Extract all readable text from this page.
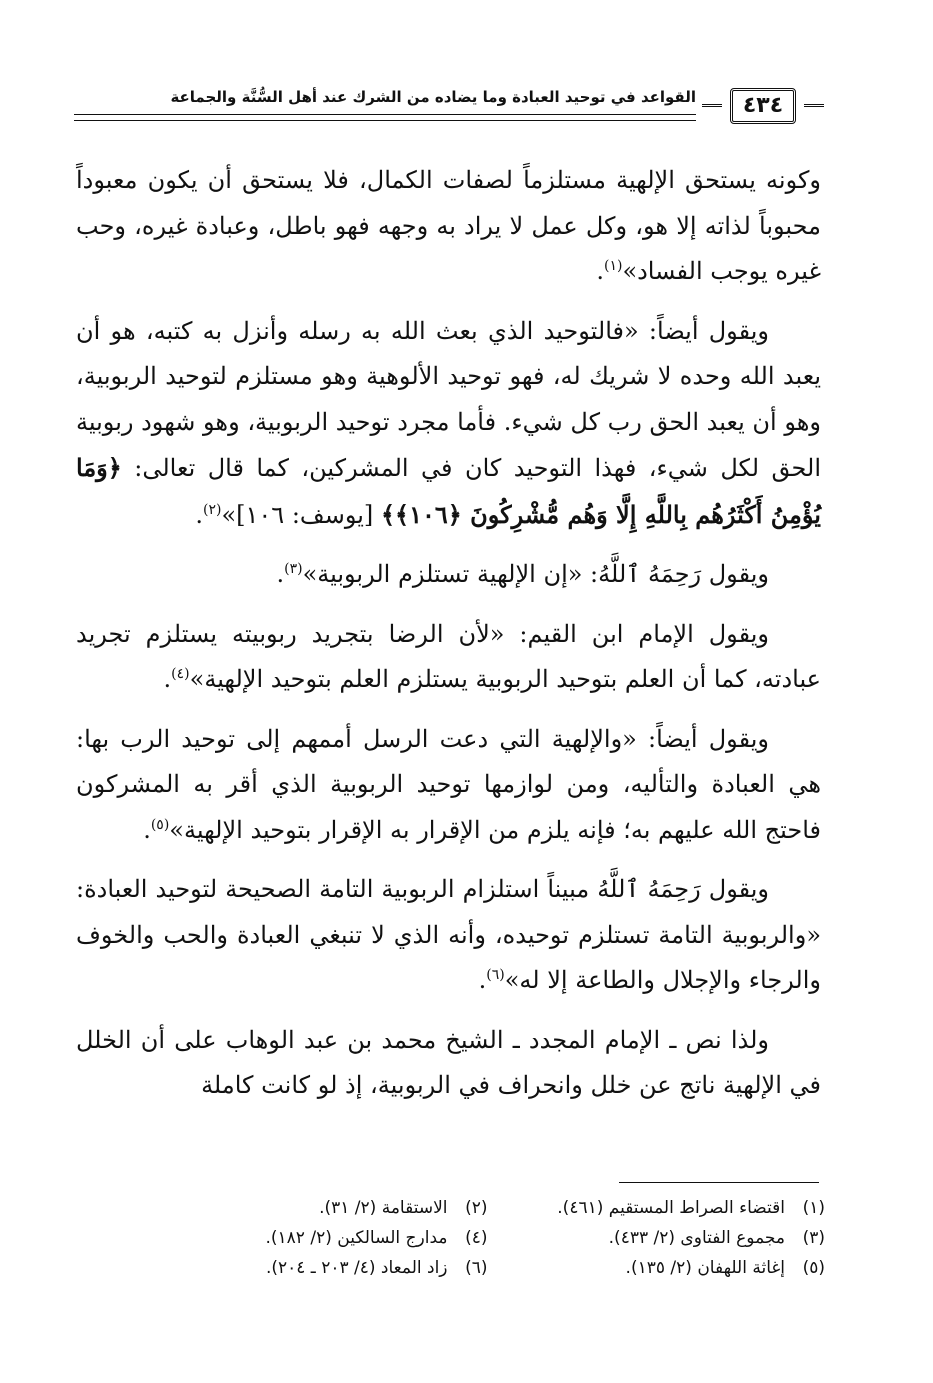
٤٣٤
القواعد في توحيد العبادة وما يضاده من الشرك عند أهل السُّنَّة والجماعة

وكونه يستحق الإلهية مستلزماً لصفات الكمال، فلا يستحق أن يكون معبوداً محبوباً لذاته إلا هو، وكل عمل لا يراد به وجهه فهو باطل، وعبادة غيره، وحب غيره يوجب الفساد»$^{(١)}$.

ويقول أيضاً: «فالتوحيد الذي بعث الله به رسله وأنزل به كتبه، هو أن يعبد الله وحده لا شريك له، فهو توحيد الألوهية وهو مستلزم لتوحيد الربوبية، وهو أن يعبد الحق رب كل شيء. فأما مجرد توحيد الربوبية، وهو شهود ربوبية الحق لكل شيء، فهذا التوحيد كان في المشركين، كما قال تعالى: ﴿وَمَا يُؤْمِنُ أَكْثَرُهُم بِاللَّهِ إِلَّا وَهُم مُّشْرِكُونَ ﴿١٠٦﴾﴾ [يوسف: ١٠٦]»$^{(٢)}$.

ويقول رَحِمَهُ ٱللَّهُ: «إن الإلهية تستلزم الربوبية»$^{(٣)}$.

ويقول الإمام ابن القيم: «لأن الرضا بتجريد ربوبيته يستلزم تجريد عبادته، كما أن العلم بتوحيد الربوبية يستلزم العلم بتوحيد الإلهية»$^{(٤)}$.

ويقول أيضاً: «والإلهية التي دعت الرسل أممهم إلى توحيد الرب بها: هي العبادة والتأليه، ومن لوازمها توحيد الربوبية الذي أقر به المشركون فاحتج الله عليهم به؛ فإنه يلزم من الإقرار به الإقرار بتوحيد الإلهية»$^{(٥)}$.

ويقول رَحِمَهُ ٱللَّهُ مبيناً استلزام الربوبية التامة الصحيحة لتوحيد العبادة: «والربوبية التامة تستلزم توحيده، وأنه الذي لا تنبغي العبادة والحب والخوف والرجاء والإجلال والطاعة إلا له»$^{(٦)}$.

ولذا نص ـ الإمام المجدد ـ الشيخ محمد بن عبد الوهاب على أن الخلل في الإلهية ناتج عن خلل وانحراف في الربوبية، إذ لو كانت كاملة

(١)اقتضاء الصراط المستقيم (٤٦١).
(٢)الاستقامة (٢/ ٣١).
(٣)مجموع الفتاوى (٢/ ٤٣٣).
(٤)مدارج السالكين (٢/ ١٨٢).
(٥)إغاثة اللهفان (٢/ ١٣٥).
(٦)زاد المعاد (٤/ ٢٠٣ ـ ٢٠٤).
